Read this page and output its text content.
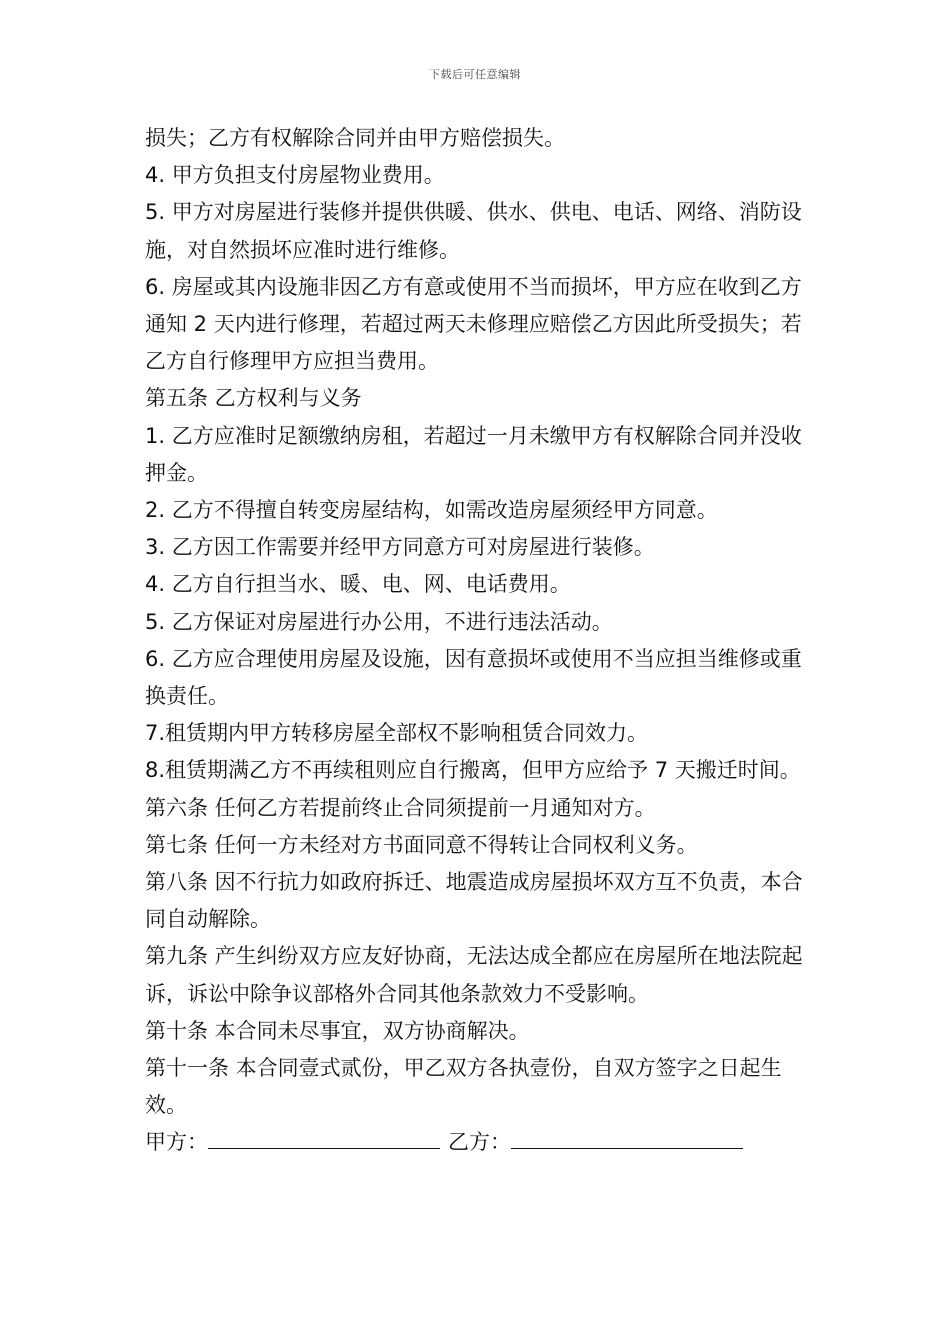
下载后可任意编辑

损失；乙方有权解除合同并由甲方赔偿损失。

4. 甲方负担支付房屋物业费用。

5. 甲方对房屋进行装修并提供供暖、供水、供电、电话、网络、消防设施，对自然损坏应准时进行维修。

6. 房屋或其内设施非因乙方有意或使用不当而损坏，甲方应在收到乙方通知 2 天内进行修理，若超过两天未修理应赔偿乙方因此所受损失；若乙方自行修理甲方应担当费用。

第五条 乙方权利与义务

1. 乙方应准时足额缴纳房租，若超过一月未缴甲方有权解除合同并没收押金。

2. 乙方不得擅自转变房屋结构，如需改造房屋须经甲方同意。

3. 乙方因工作需要并经甲方同意方可对房屋进行装修。

4. 乙方自行担当水、暖、电、网、电话费用。

5. 乙方保证对房屋进行办公用，不进行违法活动。

6. 乙方应合理使用房屋及设施，因有意损坏或使用不当应担当维修或重换责任。

7.租赁期内甲方转移房屋全部权不影响租赁合同效力。

8.租赁期满乙方不再续租则应自行搬离，但甲方应给予 7 天搬迁时间。

第六条 任何乙方若提前终止合同须提前一月通知对方。

第七条 任何一方未经对方书面同意不得转让合同权利义务。

第八条 因不行抗力如政府拆迁、地震造成房屋损坏双方互不负责，本合同自动解除。

第九条 产生纠纷双方应友好协商，无法达成全都应在房屋所在地法院起诉，诉讼中除争议部格外合同其他条款效力不受影响。

第十条 本合同未尽事宜，双方协商解决。

第十一条 本合同壹式贰份，甲乙双方各执壹份，自双方签字之日起生效。

甲方：	乙方：
